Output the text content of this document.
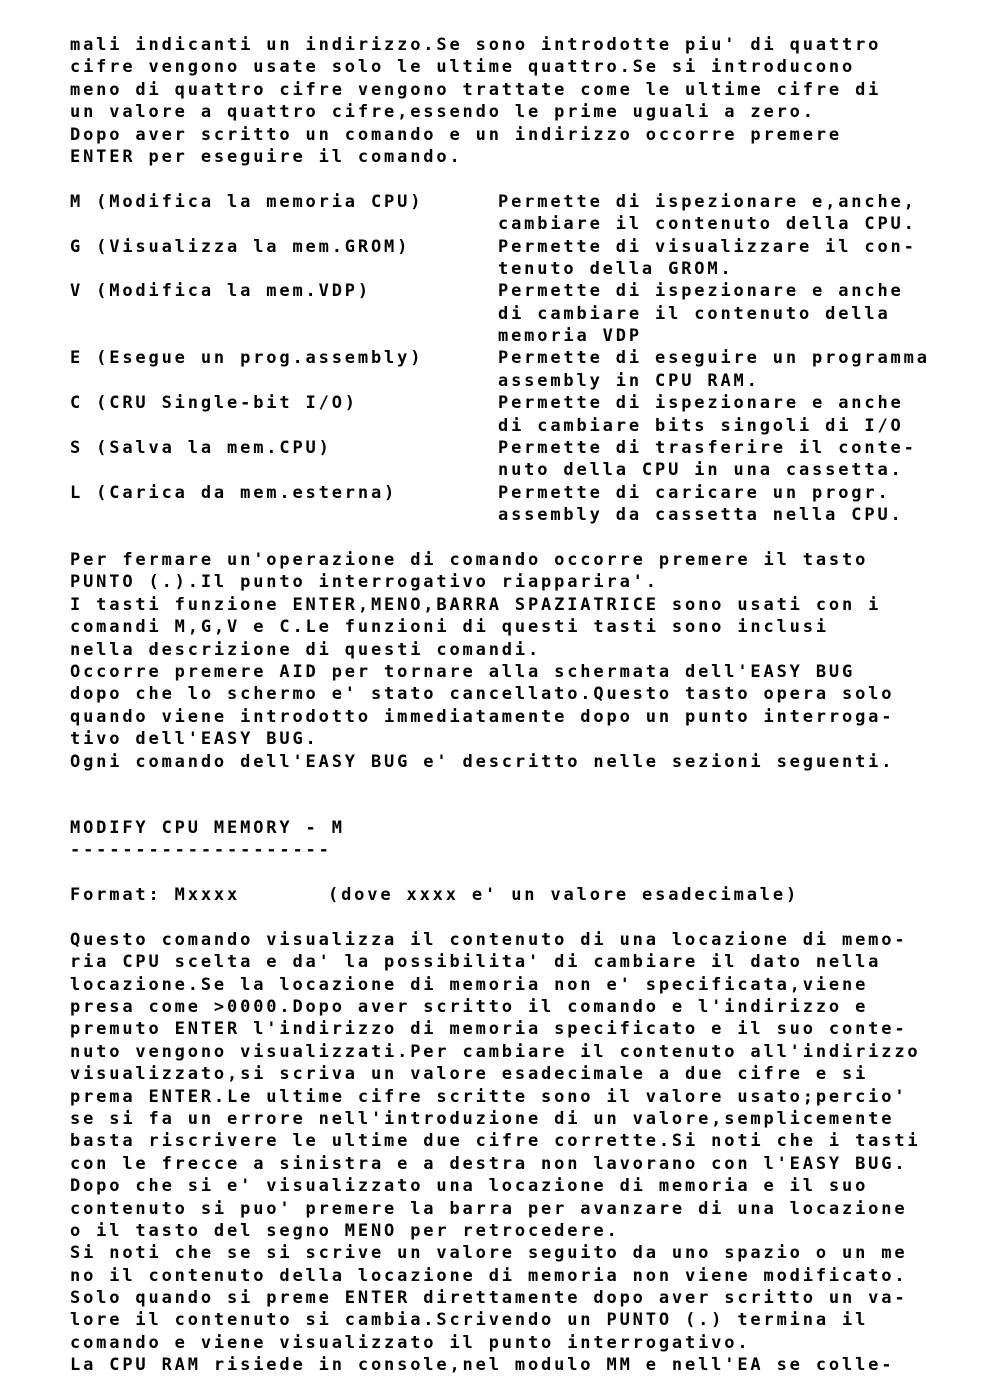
mali indicanti un indirizzo.Se sono introdotte piu' di quattro
cifre vengono usate solo le ultime quattro.Se si introducono
meno di quattro cifre vengono trattate come le ultime cifre di
un valore a quattro cifre,essendo le prime uguali a zero.
Dopo aver scritto un comando e un indirizzo occorre premere
ENTER per eseguire il comando.
M (Modifica la memoria CPU)	Permette di ispezionare e,anche,
cambiare il contenuto della CPU.
G (Visualizza la mem.GROM)	Permette di visualizzare il con-
tenuto della GROM.
V (Modifica la mem.VDP)	Permette di ispezionare e anche
di cambiare il contenuto della
memoria VDP
E (Esegue un prog.assembly)	Permette di eseguire un programma
assembly in CPU RAM.
C (CRU Single-bit I/O)	Permette di ispezionare e anche
di cambiare bits singoli di I/O
S (Salva la mem.CPU)	Permette di trasferire il conte-
nuto della CPU in una cassetta.
L (Carica da mem.esterna)	Permette di caricare un progr.
assembly da cassetta nella CPU.
Per fermare un'operazione di comando occorre premere il tasto
PUNTO (.).Il punto interrogativo riapparira'.
I tasti funzione ENTER,MENO,BARRA SPAZIATRICE sono usati con i
comandi M,G,V e C.Le funzioni di questi tasti sono inclusi
nella descrizione di questi comandi.
Occorre premere AID per tornare alla schermata dell'EASY BUG
dopo che lo schermo e' stato cancellato.Questo tasto opera solo
quando viene introdotto immediatamente dopo un punto interroga-
tivo dell'EASY BUG.
Ogni comando dell'EASY BUG e' descritto nelle sezioni seguenti.
MODIFY CPU MEMORY - M
--------------------
Format: Mxxxx	(dove xxxx e' un valore esadecimale)
Questo comando visualizza il contenuto di una locazione di memo-
ria CPU scelta e da' la possibilita' di cambiare il dato nella
locazione.Se la locazione di memoria non e' specificata,viene
presa come >0000.Dopo aver scritto il comando e l'indirizzo e
premuto ENTER l'indirizzo di memoria specificato e il suo conte-
nuto vengono visualizzati.Per cambiare il contenuto all'indirizzo
visualizzato,si scriva un valore esadecimale a due cifre e si
prema ENTER.Le ultime cifre scritte sono il valore usato;percio'
se si fa un errore nell'introduzione di un valore,semplicemente
basta riscrivere le ultime due cifre corrette.Si noti che i tasti
con le frecce a sinistra e a destra non lavorano con l'EASY BUG.
Dopo che si e' visualizzato una locazione di memoria e il suo
contenuto si puo' premere la barra per avanzare di una locazione
o il tasto del segno MENO per retrocedere.
Si noti che se si scrive un valore seguito da uno spazio o un me
no il contenuto della locazione di memoria non viene modificato.
Solo quando si preme ENTER direttamente dopo aver scritto un va-
lore il contenuto si cambia.Scrivendo un PUNTO (.) termina il
comando e viene visualizzato il punto interrogativo.
La CPU RAM risiede in console,nel modulo MM e nell'EA se colle-
